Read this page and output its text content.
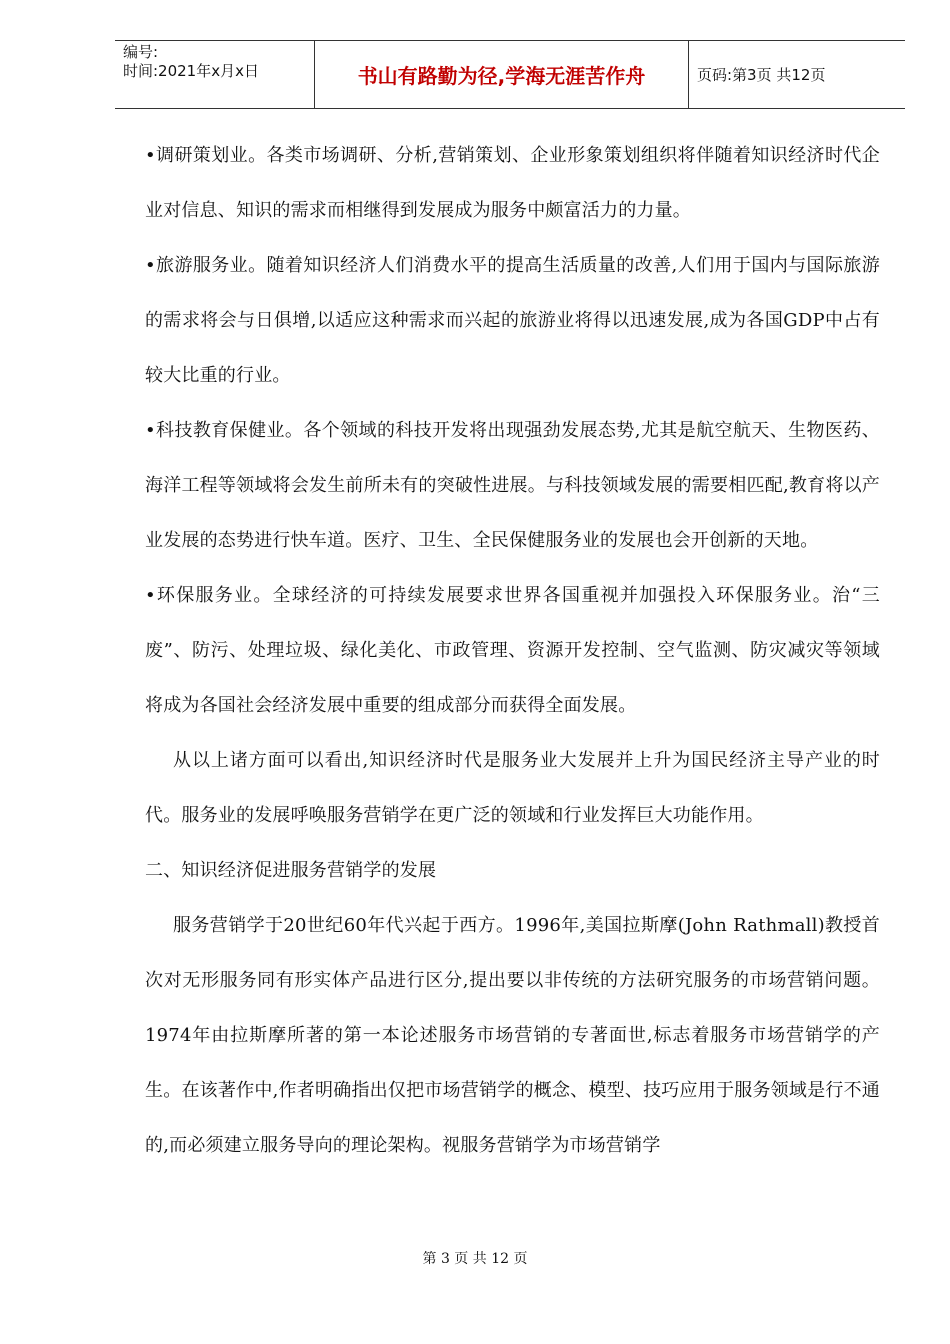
编号:
时间:2021年x月x日	书山有路勤为径,学海无涯苦作舟	页码:第3页 共12页

•调研策划业。各类市场调研、分析,营销策划、企业形象策划组织将伴随着知识经济时代企业对信息、知识的需求而相继得到发展成为服务中颇富活力的力量。

•旅游服务业。随着知识经济人们消费水平的提高生活质量的改善,人们用于国内与国际旅游的需求将会与日俱增,以适应这种需求而兴起的旅游业将得以迅速发展,成为各国GDP中占有较大比重的行业。

•科技教育保健业。各个领域的科技开发将出现强劲发展态势,尤其是航空航天、生物医药、海洋工程等领域将会发生前所未有的突破性进展。与科技领域发展的需要相匹配,教育将以产业发展的态势进行快车道。医疗、卫生、全民保健服务业的发展也会开创新的天地。

•环保服务业。全球经济的可持续发展要求世界各国重视并加强投入环保服务业。治“三废”、防污、处理垃圾、绿化美化、市政管理、资源开发控制、空气监测、防灾减灾等领域将成为各国社会经济发展中重要的组成部分而获得全面发展。

从以上诸方面可以看出,知识经济时代是服务业大发展并上升为国民经济主导产业的时代。服务业的发展呼唤服务营销学在更广泛的领域和行业发挥巨大功能作用。

二、知识经济促进服务营销学的发展

服务营销学于20世纪60年代兴起于西方。1996年,美国拉斯摩(John Rathmall)教授首次对无形服务同有形实体产品进行区分,提出要以非传统的方法研究服务的市场营销问题。1974年由拉斯摩所著的第一本论述服务市场营销的专著面世,标志着服务市场营销学的产生。在该著作中,作者明确指出仅把市场营销学的概念、模型、技巧应用于服务领域是行不通的,而必须建立服务导向的理论架构。视服务营销学为市场营销学

第 3 页 共 12 页
